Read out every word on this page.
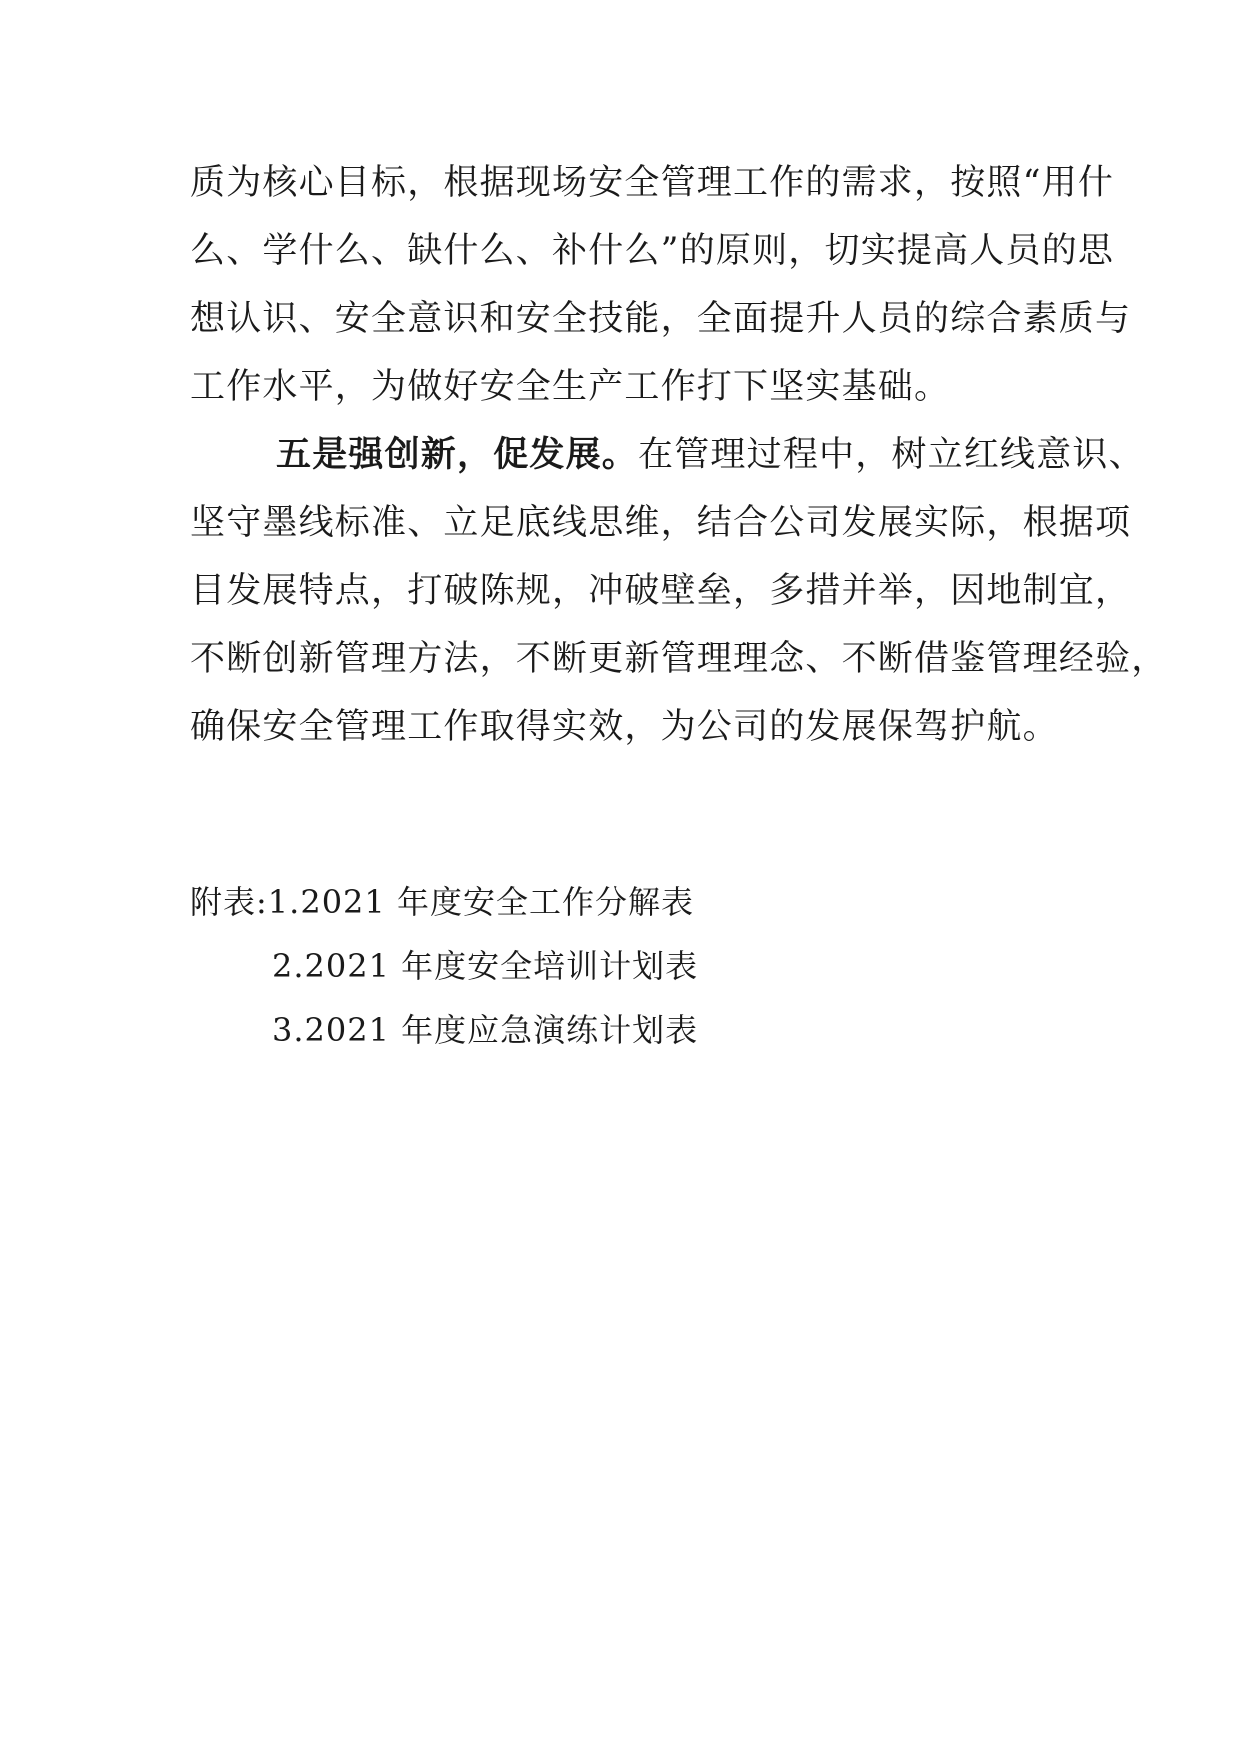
质为核心目标，根据现场安全管理工作的需求，按照“用什
么、学什么、缺什么、补什么”的原则，切实提高人员的思
想认识、安全意识和安全技能，全面提升人员的综合素质与
工作水平，为做好安全生产工作打下坚实基础。
五是强创新，促发展。在管理过程中，树立红线意识、
坚守墨线标准、立足底线思维，结合公司发展实际，根据项
目发展特点，打破陈规，冲破壁垒，多措并举，因地制宜，
不断创新管理方法，不断更新管理理念、不断借鉴管理经验，
确保安全管理工作取得实效，为公司的发展保驾护航。
附表:1.2021 年度安全工作分解表
2.2021 年度安全培训计划表
3.2021 年度应急演练计划表
